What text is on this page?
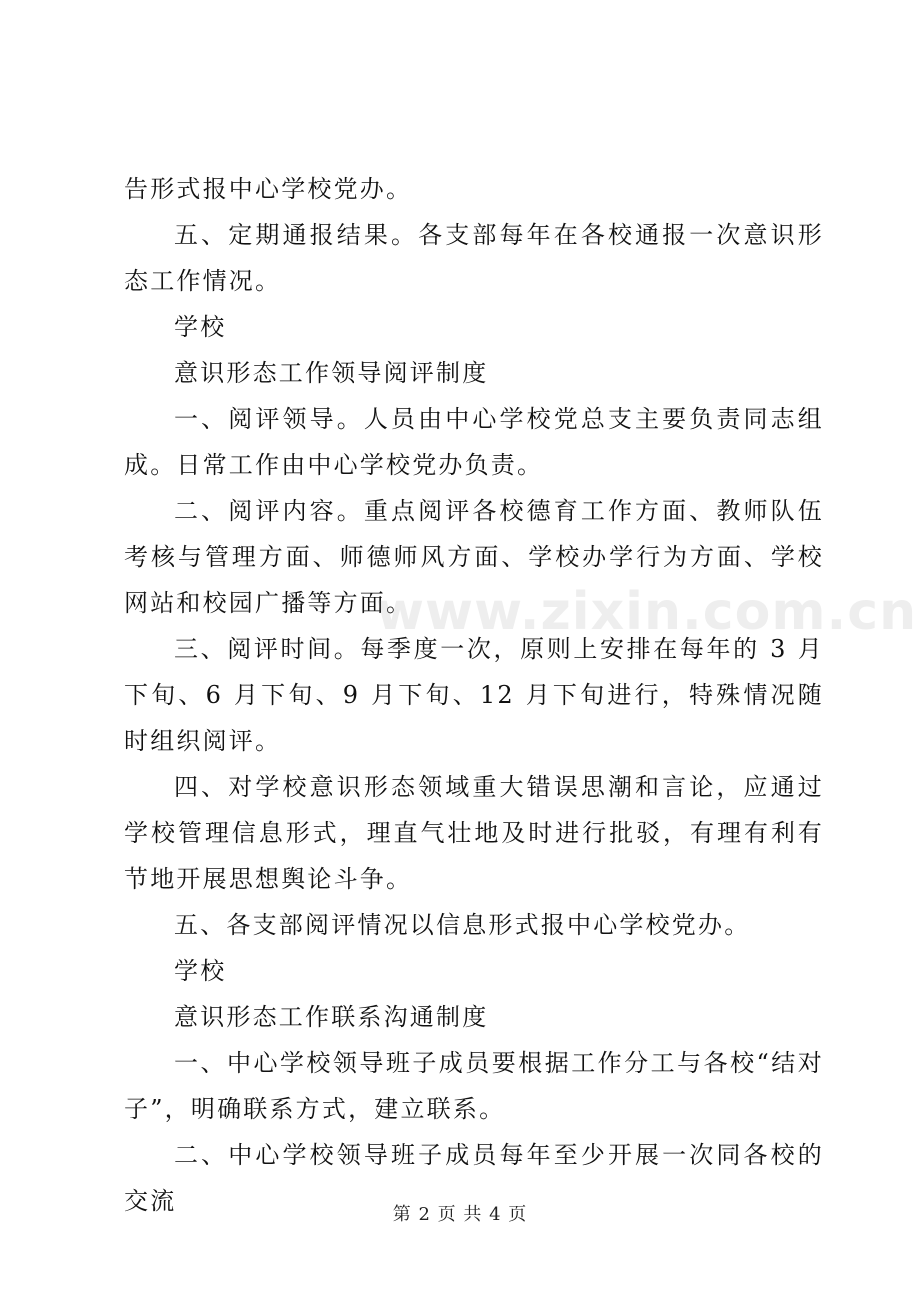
告形式报中心学校党办。

五、定期通报结果。各支部每年在各校通报一次意识形态工作情况。

学校

意识形态工作领导阅评制度

一、阅评领导。人员由中心学校党总支主要负责同志组成。日常工作由中心学校党办负责。

二、阅评内容。重点阅评各校德育工作方面、教师队伍考核与管理方面、师德师风方面、学校办学行为方面、学校网站和校园广播等方面。

三、阅评时间。每季度一次，原则上安排在每年的 3 月下旬、6 月下旬、9 月下旬、12 月下旬进行，特殊情况随时组织阅评。

四、对学校意识形态领域重大错误思潮和言论，应通过学校管理信息形式，理直气壮地及时进行批驳，有理有利有节地开展思想舆论斗争。

五、各支部阅评情况以信息形式报中心学校党办。

学校

意识形态工作联系沟通制度

一、中心学校领导班子成员要根据工作分工与各校“结对子”，明确联系方式，建立联系。

二、中心学校领导班子成员每年至少开展一次同各校的交流

www.zixin.com.cn
第 2 页 共 4 页
